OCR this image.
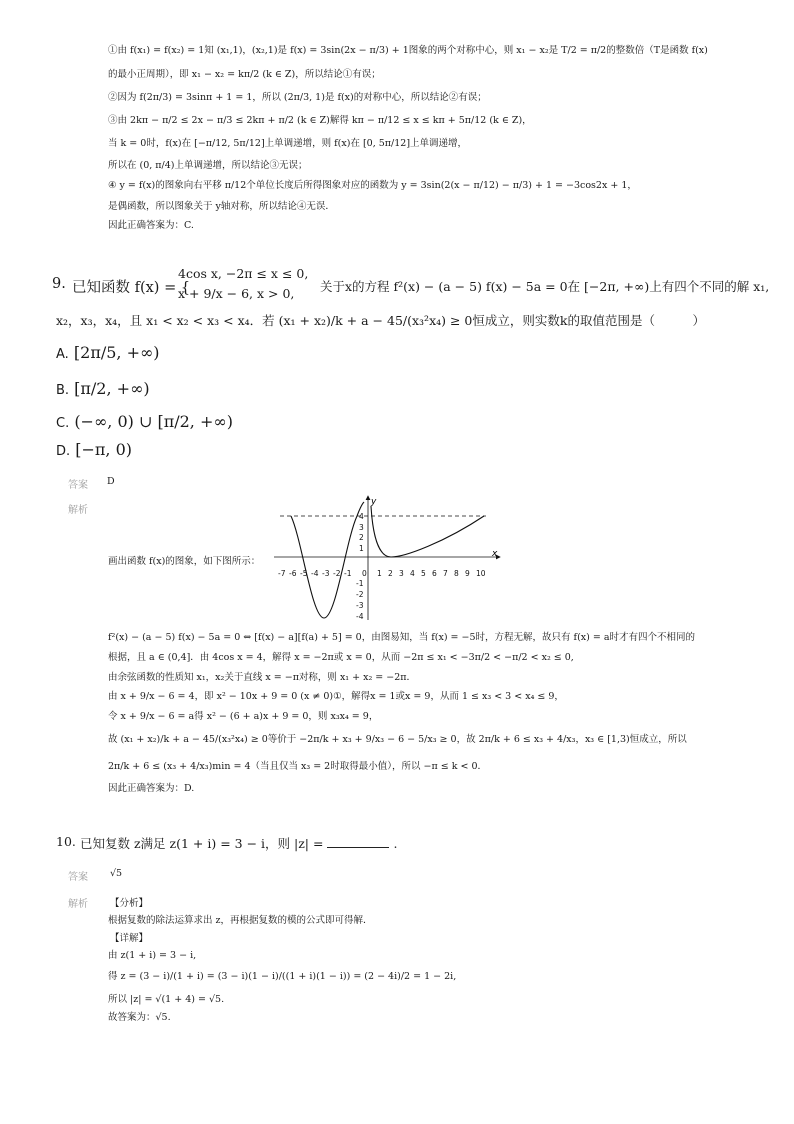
①由 f(x₁) = f(x₂) = 1知 (x₁,1)，(x₂,1)是 f(x) = 3sin(2x − π/3) + 1图象的两个对称中心，则 x₁ − x₂是 T/2 = π/2的整数倍（T是函数 f(x)
的最小正周期），即 x₁ − x₂ = kπ/2 (k ∈ Z)，所以结论①有误；
②因为 f(2π/3) = 3sinπ + 1 = 1，所以 (2π/3, 1)是 f(x)的对称中心，所以结论②有误；
③由 2kπ − π/2 ≤ 2x − π/3 ≤ 2kπ + π/2 (k ∈ Z)解得 kπ − π/12 ≤ x ≤ kπ + 5π/12 (k ∈ Z)，
当 k = 0时，f(x)在 [−π/12, 5π/12]上单调递增，则 f(x)在 [0, 5π/12]上单调递增，
所以在 (0, π/4)上单调递增，所以结论③无误；
④ y = f(x)的图象向右平移 π/12个单位长度后所得图象对应的函数为 y = 3sin(2(x − π/12) − π/3) + 1 = −3cos2x + 1，
是偶函数，所以图象关于 y轴对称，所以结论④无误．
因此正确答案为：C.
9. 已知函数 f(x) = {
4cos x, −2π ≤ x ≤ 0,
x + 9/x − 6, x > 0, 关于x的方程 f²(x) − (a − 5) f(x) − 5a = 0在 [−2π, +∞)上有四个不同的解 x₁,
x₂，x₃，x₄，且 x₁ < x₂ < x₃ < x₄．若 (x₁ + x₂)/k + a − 45/(x₃²x₄) ≥ 0恒成立，则实数k的取值范围是（　　　）
A. [2π/5, +∞)
B. [π/2, +∞)
C. (−∞, 0) ∪ [π/2, +∞)
D. [−π, 0)
答案 D
解析
画出函数 f(x)的图象，如下图所示：
x
y
-7 -6 -5 -4 -3 -2 -1 0 1 2 3 4 5 6 7 8 9 10
4
3
2
1
-1
-2
-3
-4
f²(x) − (a − 5) f(x) − 5a = 0 ⇔ [f(x) − a][f(a) + 5] = 0，由图易知，当 f(x) = −5时，方程无解，故只有 f(x) = a时才有四个不相同的
根据，且 a ∈ (0,4]．由 4cos x = 4，解得 x = −2π或 x = 0，从而 −2π ≤ x₁ < −3π/2 < −π/2 < x₂ ≤ 0,
由余弦函数的性质知 x₁，x₂关于直线 x = −π对称，则 x₁ + x₂ = −2π．
由 x + 9/x − 6 = 4，即 x² − 10x + 9 = 0 (x ≠ 0)①，解得x = 1或x = 9，从而 1 ≤ x₃ < 3 < x₄ ≤ 9，
令 x + 9/x − 6 = a得 x² − (6 + a)x + 9 = 0，则 x₃x₄ = 9，
故 (x₁ + x₂)/k + a − 45/(x₃²x₄) ≥ 0等价于 −2π/k + x₃ + 9/x₃ − 6 − 5/x₃ ≥ 0，故 2π/k + 6 ≤ x₃ + 4/x₃，x₃ ∈ [1,3)恒成立，所以
2π/k + 6 ≤ (x₃ + 4/x₃)min = 4（当且仅当 x₃ = 2时取得最小值），所以 −π ≤ k < 0．
因此正确答案为：D.
10. 已知复数 z满足 z(1 + i) = 3 − i，则 |z| =	.
答案 √5
解析 【分析】
根据复数的除法运算求出 z，再根据复数的模的公式即可得解．
【详解】
由 z(1 + i) = 3 − i,
得 z = (3 − i)/(1 + i) = (3 − i)(1 − i)/((1 + i)(1 − i)) = (2 − 4i)/2 = 1 − 2i,
所以 |z| = √(1 + 4) = √5.
故答案为：√5.
